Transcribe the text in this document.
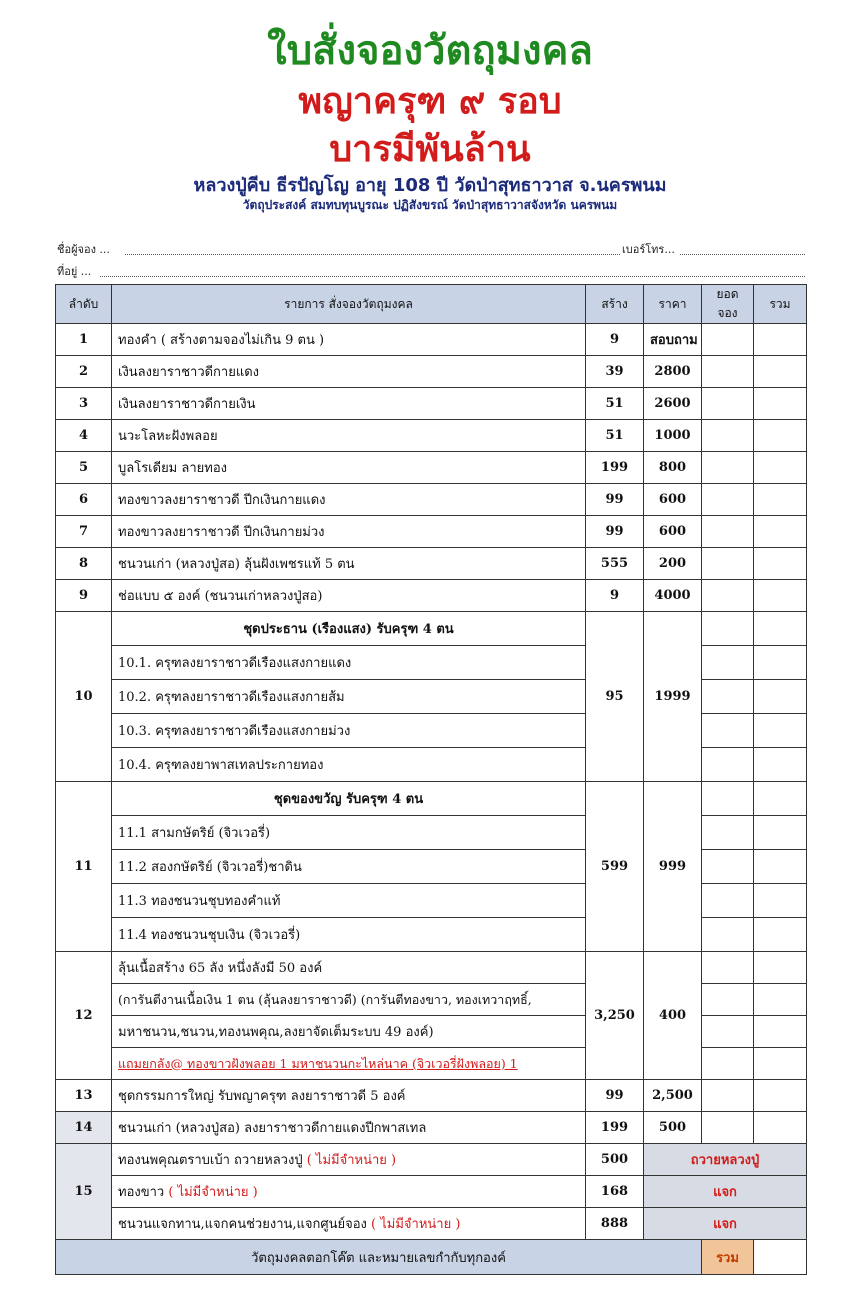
ใบสั่งจองวัตถุมงคล
พญาครุฑ ๙ รอบ
บารมีพันล้าน
หลวงปู่คีบ ธีรปัญโญ อายุ 108 ปี วัดป่าสุทธาวาส จ.นครพนม
วัตถุประสงค์ สมทบทุนบูรณะ ปฏิสังขรณ์ วัดป่าสุทธาวาสจังหวัด นครพนม
ชื่อผู้จอง ...	เบอร์โทร...
ที่อยู่ ...
ลำดับ	รายการ สั่งจองวัตถุมงคล	สร้าง	ราคา	ยอดจอง	รวม
1	ทองคำ ( สร้างตามจองไม่เกิน 9 ตน )	9	สอบถาม		
2	เงินลงยาราชาวดีกายแดง	39	2800		
3	เงินลงยาราชาวดีกายเงิน	51	2600		
4	นวะโลหะฝังพลอย	51	1000		
5	บูลโรเดียม ลายทอง	199	800		
6	ทองขาวลงยาราชาวดี ปีกเงินกายแดง	99	600		
7	ทองขาวลงยาราชาวดี ปีกเงินกายม่วง	99	600		
8	ชนวนเก่า (หลวงปู่สอ) ลุ้นฝังเพชรแท้ 5 ตน	555	200		
9	ช่อแบบ ๕ องค์ (ชนวนเก่าหลวงปู่สอ)	9	4000		
10	ชุดประธาน (เรืองแสง) รับครุฑ 4 ตน	95	1999		
	10.1. ครุฑลงยาราชาวดีเรืองแสงกายแดง				
	10.2. ครุฑลงยาราชาวดีเรืองแสงกายส้ม				
	10.3. ครุฑลงยาราชาวดีเรืองแสงกายม่วง				
	10.4. ครุฑลงยาพาสเทลประกายทอง				
11	ชุดของขวัญ รับครุฑ 4 ตน	599	999		
	11.1 สามกษัตริย์ (จิวเวอรี่)				
	11.2 สองกษัตริย์ (จิวเวอรี่)ชาดิน				
	11.3 ทองชนวนชุบทองคำแท้				
	11.4 ทองชนวนชุบเงิน (จิวเวอรี่)				
12	ลุ้นเนื้อสร้าง 65 ลัง หนึ่งลังมี 50 องค์	3,250	400		
	(การันตีงานเนื้อเงิน 1 ตน (ลุ้นลงยาราชาวดี) (การันตีทองขาว, ทองเทวาฤทธิ์,				
	มหาชนวน,ชนวน,ทองนพคุณ,ลงยาจัดเต็มระบบ 49 องค์)				
	แถมยกลัง@ ทองขาวฝังพลอย 1 มหาชนวนกะไหล่นาค (จิวเวอรี่ฝังพลอย) 1				
13	ชุดกรรมการใหญ่ รับพญาครุฑ ลงยาราชาวดี 5 องค์	99	2,500		
14	ชนวนเก่า (หลวงปู่สอ) ลงยาราชาวดีกายแดงปีกพาสเทล	199	500		
15	ทองนพคุณตราบเบ้า ถวายหลวงปู่ ( ไม่มีจำหน่าย )	500	ถวายหลวงปู่		
	ทองขาว ( ไม่มีจำหน่าย )	168	แจก		
	ชนวนแจกทาน,แจกคนช่วยงาน,แจกศูนย์จอง ( ไม่มีจำหน่าย )	888	แจก		
วัตถุมงคลตอกโค๊ต และหมายเลขกำกับทุกองค์				รวม	
